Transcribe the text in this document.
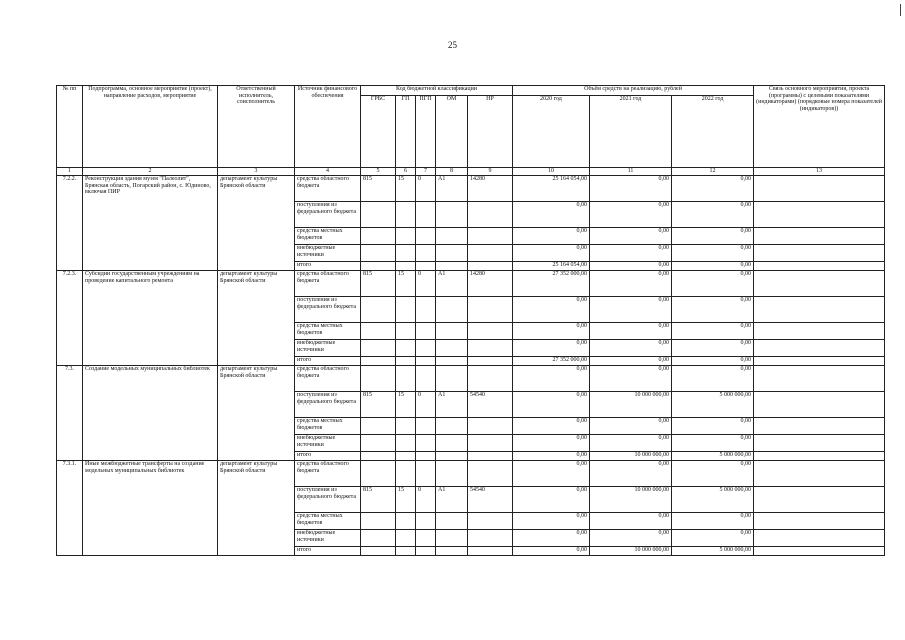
25
№ пп	Подпрограмма, основное мероприятие (проект), направление расходов, мероприятие	Ответственный исполнитель, соисполнитель	Источник финансового обеспечения	Код бюджетной классификации					Объём средств на реализацию, рублей			Связь основного мероприятия, проекта (программы) с целевыми показателями (индикаторами) (порядковые номера показателей (индикаторов))
				ГРБС	ГП	ПГП	ОМ	НР	2020 год	2021 год	2022 год	
1	2	3	4	5	6	7	8	9	10	11	12	13
7.2.2.	Реконструкция здания музея "Палеолит", Брянская область, Погарский район, с. Юдиново, включая ПИР	департамент культуры Брянской области	средства областного бюджета	815	15	0	А1	14280	25 164 054,00	0,00	0,00	
			поступления из федерального бюджета						0,00	0,00	0,00	
			средства местных бюджетов						0,00	0,00	0,00	
			внебюджетные источники						0,00	0,00	0,00	
			итого						25 164 054,00	0,00	0,00	
7.2.3.	Субсидии государственным учреждениям на проведение капитального ремонта	департамент культуры Брянской области	средства областного бюджета	815	15	0	А1	14280	27 352 000,00	0,00	0,00	
			поступления из федерального бюджета						0,00	0,00	0,00	
			средства местных бюджетов						0,00	0,00	0,00	
			внебюджетные источники						0,00	0,00	0,00	
			итого						27 352 000,00	0,00	0,00	
7.3.	Создание модельных муниципальных библиотек	департамент культуры Брянской области	средства областного бюджета						0,00	0,00	0,00	
			поступления из федерального бюджета	815	15	0	А1	54540	0,00	10 000 000,00	5 000 000,00	
			средства местных бюджетов						0,00	0,00	0,00	
			внебюджетные источники						0,00	0,00	0,00	
			итого						0,00	10 000 000,00	5 000 000,00	
7.3.1.	Иные межбюджетные трансферты на создание модельных муниципальных библиотек	департамент культуры Брянской области	средства областного бюджета						0,00	0,00	0,00	
			поступления из федерального бюджета	815	15	0	А1	54540	0,00	10 000 000,00	5 000 000,00	
			средства местных бюджетов						0,00	0,00	0,00	
			внебюджетные источники						0,00	0,00	0,00	
			итого						0,00	10 000 000,00	5 000 000,00	
